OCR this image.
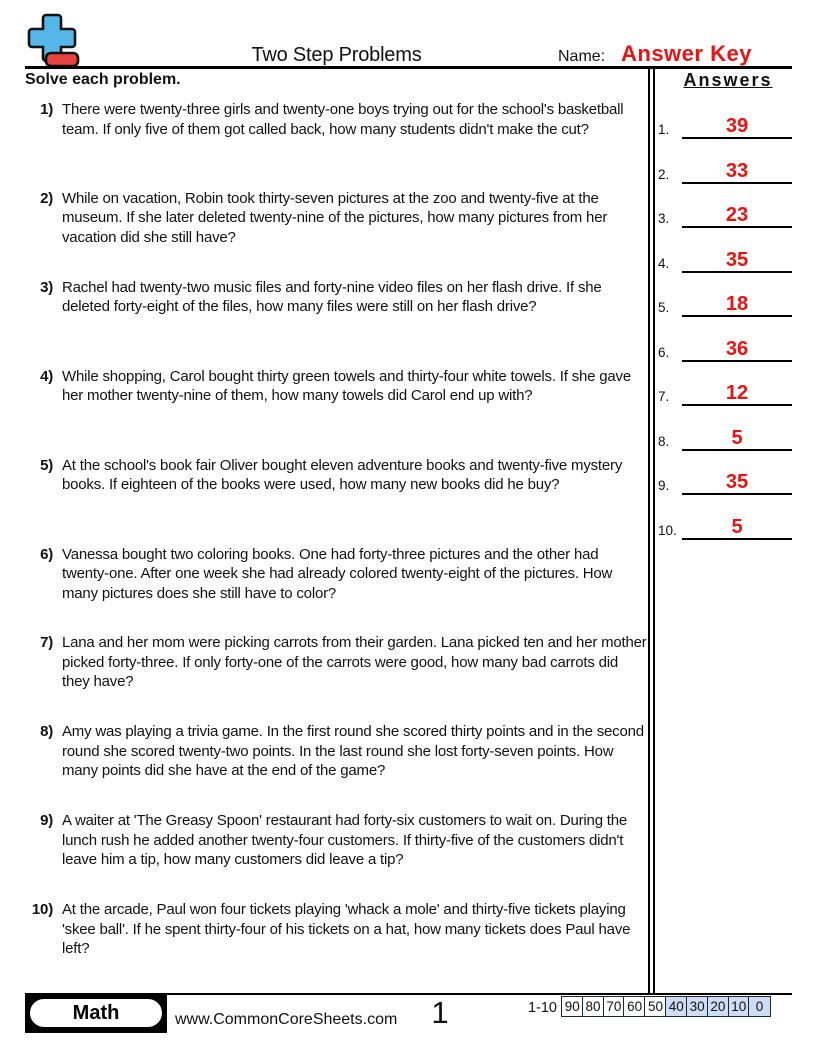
Two Step Problems	Name: Answer Key
Solve each problem.	Answers
1) There were twenty-three girls and twenty-one boys trying out for the school's basketball team. If only five of them got called back, how many students didn't make the cut?
2) While on vacation, Robin took thirty-seven pictures at the zoo and twenty-five at the museum. If she later deleted twenty-nine of the pictures, how many pictures from her vacation did she still have?
3) Rachel had twenty-two music files and forty-nine video files on her flash drive. If she deleted forty-eight of the files, how many files were still on her flash drive?
4) While shopping, Carol bought thirty green towels and thirty-four white towels. If she gave her mother twenty-nine of them, how many towels did Carol end up with?
5) At the school's book fair Oliver bought eleven adventure books and twenty-five mystery books. If eighteen of the books were used, how many new books did he buy?
6) Vanessa bought two coloring books. One had forty-three pictures and the other had twenty-one. After one week she had already colored twenty-eight of the pictures. How many pictures does she still have to color?
7) Lana and her mom were picking carrots from their garden. Lana picked ten and her mother picked forty-three. If only forty-one of the carrots were good, how many bad carrots did they have?
8) Amy was playing a trivia game. In the first round she scored thirty points and in the second round she scored twenty-two points. In the last round she lost forty-seven points. How many points did she have at the end of the game?
9) A waiter at 'The Greasy Spoon' restaurant had forty-six customers to wait on. During the lunch rush he added another twenty-four customers. If thirty-five of the customers didn't leave him a tip, how many customers did leave a tip?
10) At the arcade, Paul won four tickets playing 'whack a mole' and thirty-five tickets playing 'skee ball'. If he spent thirty-four of his tickets on a hat, how many tickets does Paul have left?
1.	39
2.	33
3.	23
4.	35
5.	18
6.	36
7.	12
8.	5
9.	35
10.	5
Math	www.CommonCoreSheets.com	1	1-10 90 80 70 60 50 40 30 20 10 0
